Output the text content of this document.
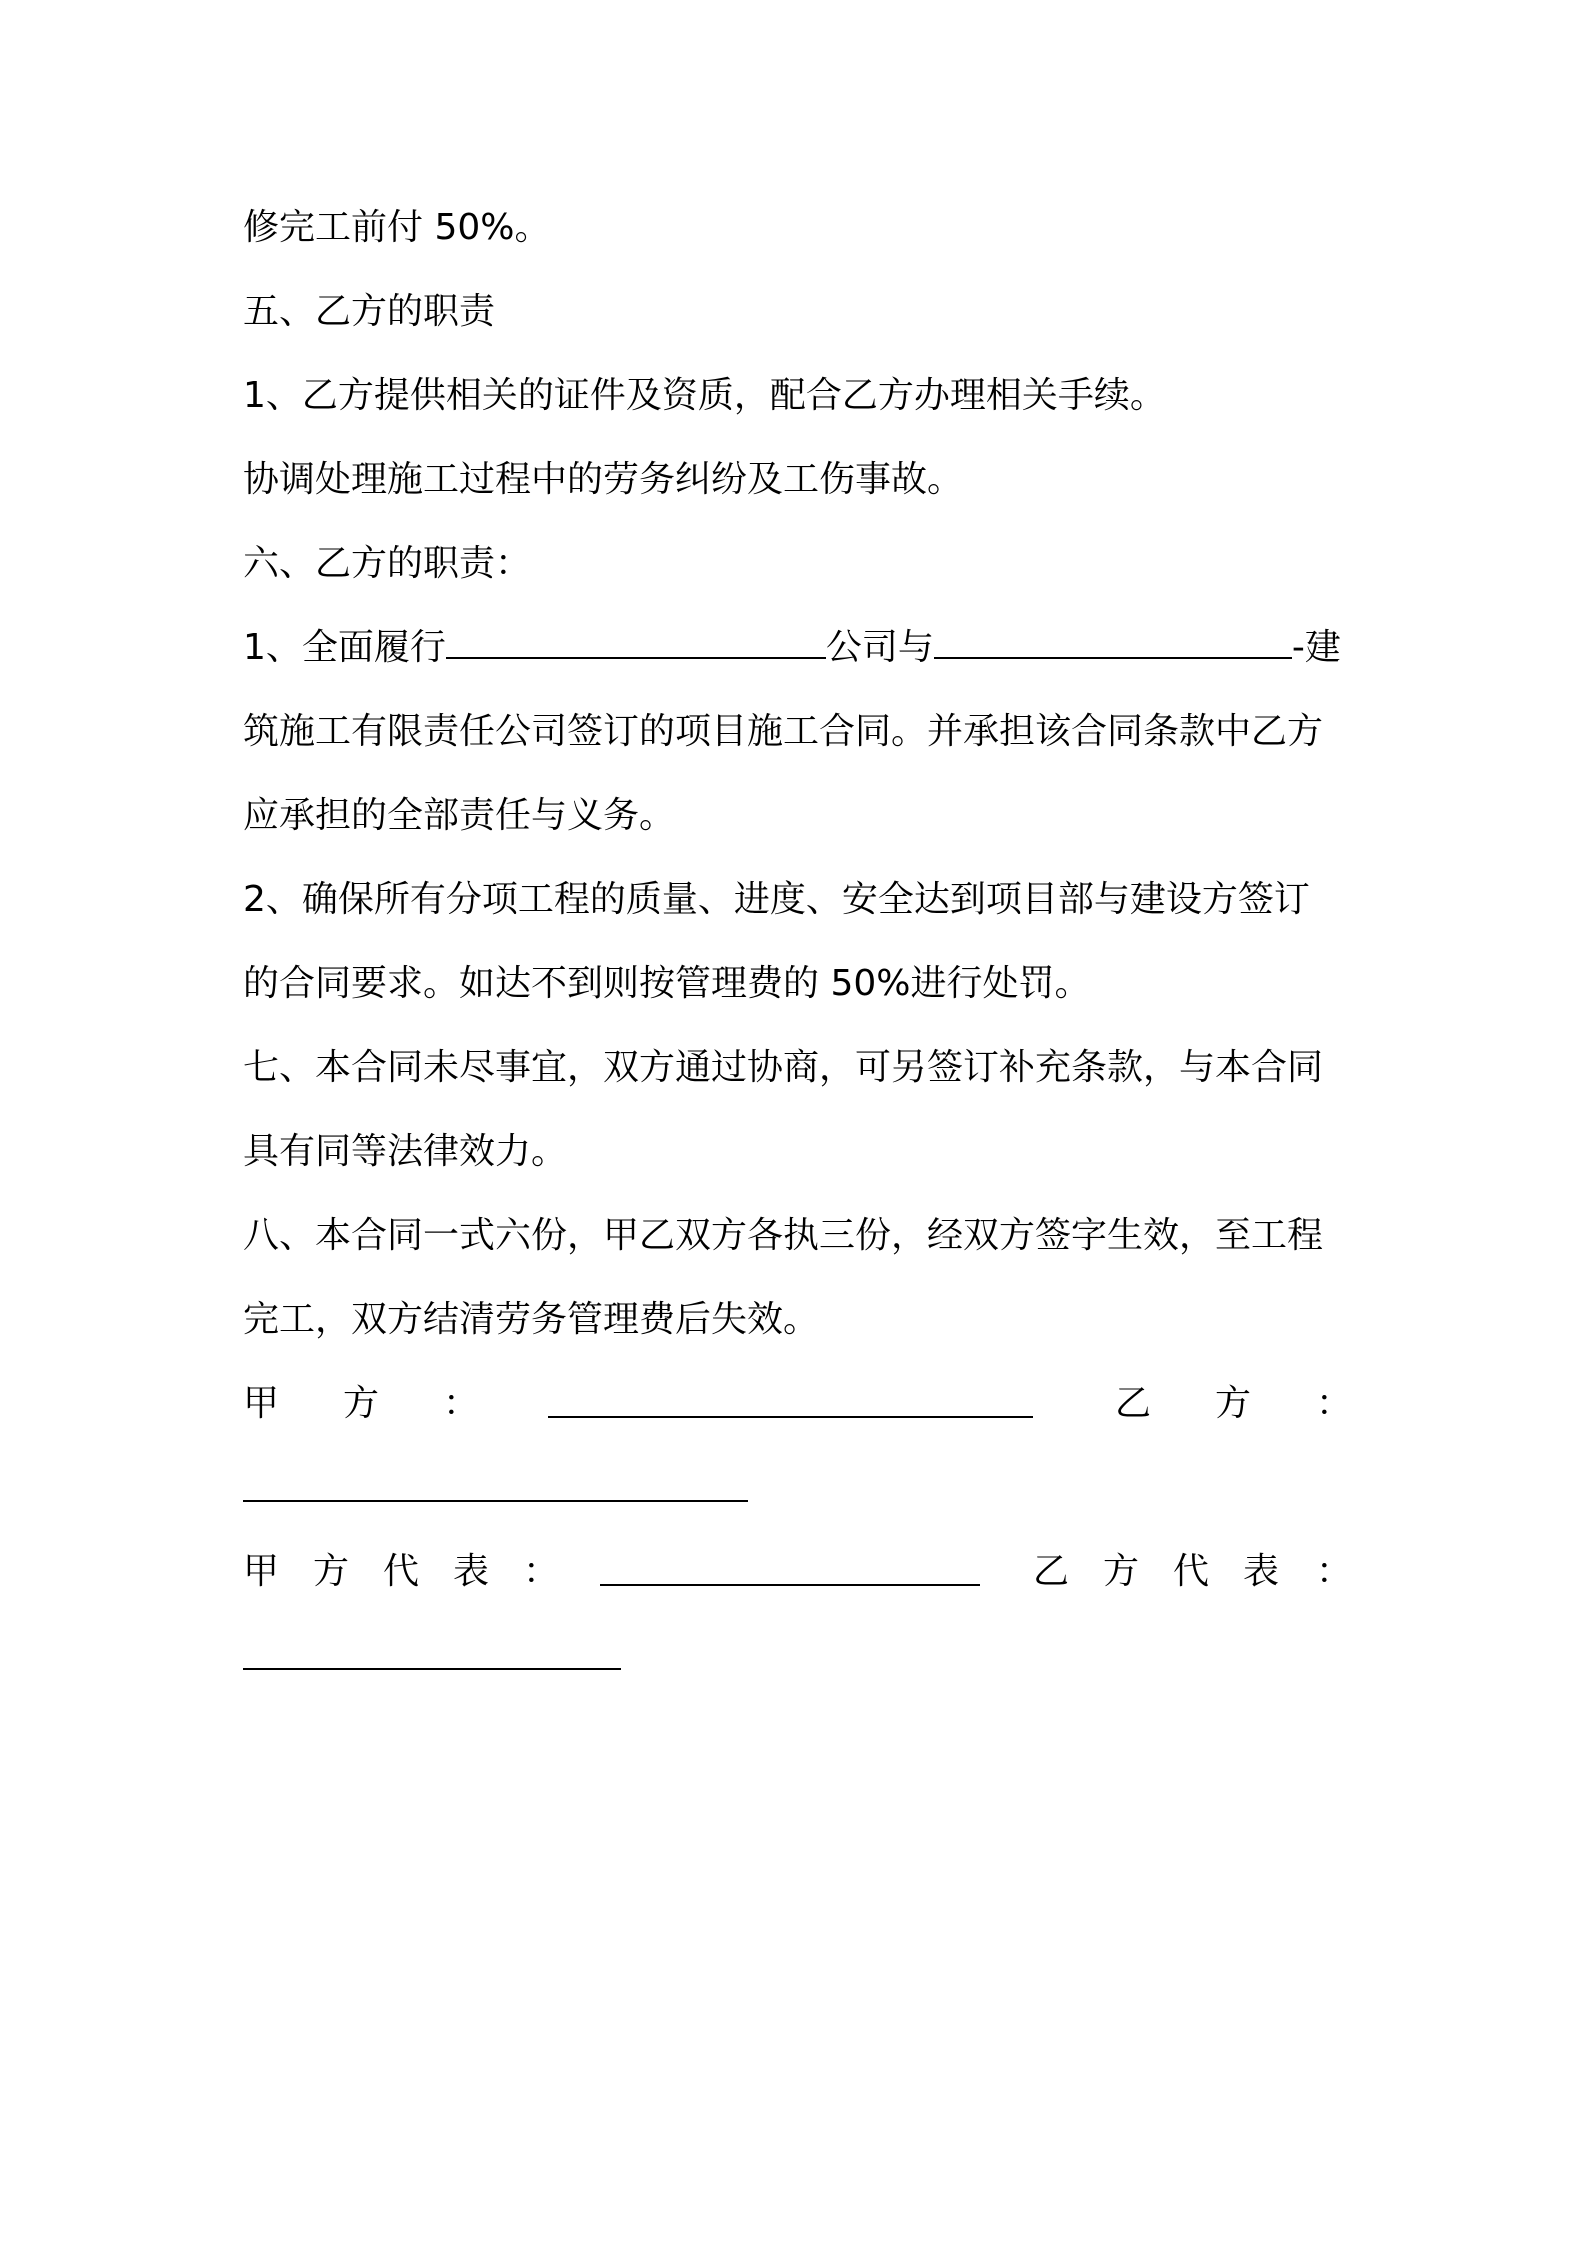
修完工前付 50%。
五、乙方的职责
1、乙方提供相关的证件及资质，配合乙方办理相关手续。
协调处理施工过程中的劳务纠纷及工伤事故。
六、乙方的职责：
1、全面履行	公司与	-建
筑施工有限责任公司签订的项目施工合同。并承担该合同条款中乙方
应承担的全部责任与义务。
2、确保所有分项工程的质量、进度、安全达到项目部与建设方签订
的合同要求。如达不到则按管理费的 50%进行处罚。
七、本合同未尽事宜，双方通过协商，可另签订补充条款，与本合同
具有同等法律效力。
八、本合同一式六份，甲乙双方各执三份，经双方签字生效，至工程
完工，双方结清劳务管理费后失效。
甲 方 ：	乙 方 ：
甲 方 代 表 ：	乙 方 代 表 ：
